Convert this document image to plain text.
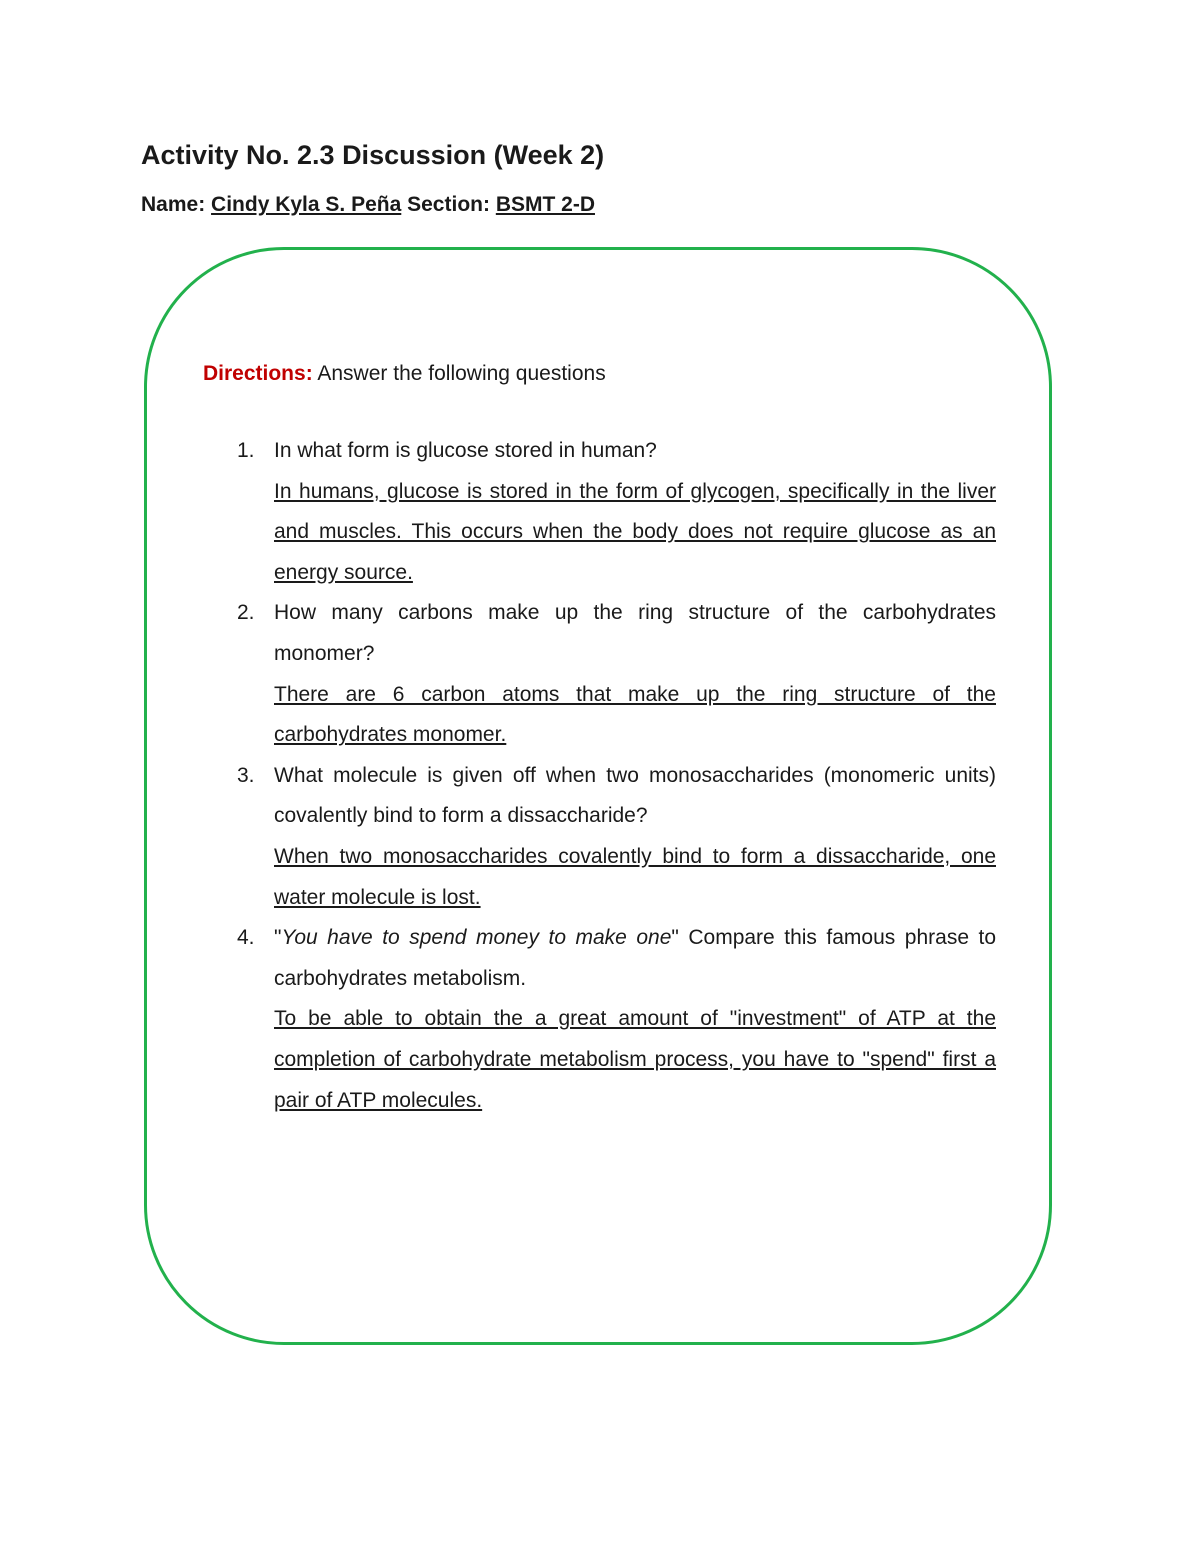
Activity No. 2.3 Discussion (Week 2)
Name: Cindy Kyla S. Peña Section: BSMT 2-D
Directions: Answer the following questions
1. In what form is glucose stored in human?
In humans, glucose is stored in the form of glycogen, specifically in the liver and muscles. This occurs when the body does not require glucose as an energy source.
2. How many carbons make up the ring structure of the carbohydrates monomer?
There are 6 carbon atoms that make up the ring structure of the carbohydrates monomer.
3. What molecule is given off when two monosaccharides (monomeric units) covalently bind to form a dissaccharide?
When two monosaccharides covalently bind to form a dissaccharide, one water molecule is lost.
4. "You have to spend money to make one" Compare this famous phrase to carbohydrates metabolism.
To be able to obtain the a great amount of "investment" of ATP at the completion of carbohydrate metabolism process, you have to "spend" first a pair of ATP molecules.
